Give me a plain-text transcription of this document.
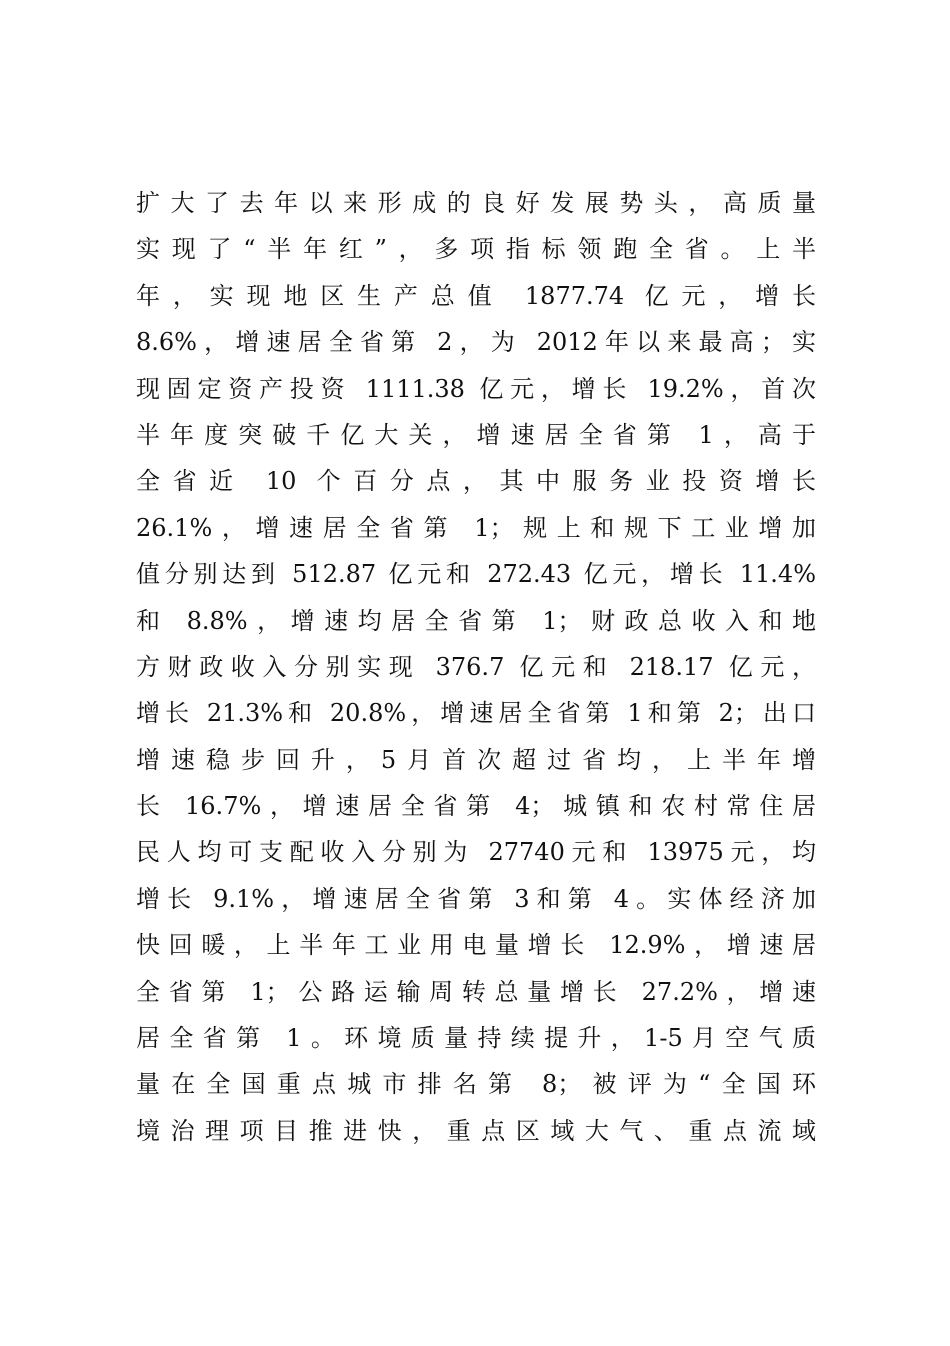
扩大了去年以来形成的良好发展势头，高质量
实现了“半年红”，多项指标领跑全省。上半
年，实现地区生产总值 1877.74 亿元，增长
8.6%，增速居全省第 2，为 2012年以来最高；实
现固定资产投资 1111.38 亿元，增长 19.2%，首次
半年度突破千亿大关，增速居全省第 1，高于
全省近 10 个百分点，其中服务业投资增长
26.1%，增速居全省第 1；规上和规下工业增加
值分别达到 512.87 亿元和 272.43 亿元，增长 11.4%
和 8.8%，增速均居全省第 1；财政总收入和地
方财政收入分别实现 376.7 亿元和 218.17 亿元，
增长 21.3%和 20.8%，增速居全省第 1和第 2；出口
增速稳步回升，5月首次超过省均，上半年增
长 16.7%，增速居全省第 4；城镇和农村常住居
民人均可支配收入分别为 27740元和 13975元，均
增长 9.1%，增速居全省第 3和第 4。实体经济加
快回暖，上半年工业用电量增长 12.9%，增速居
全省第 1；公路运输周转总量增长 27.2%，增速
居全省第 1。环境质量持续提升，1-5月空气质
量在全国重点城市排名第 8；被评为“全国环
境治理项目推进快，重点区域大气、重点流域
